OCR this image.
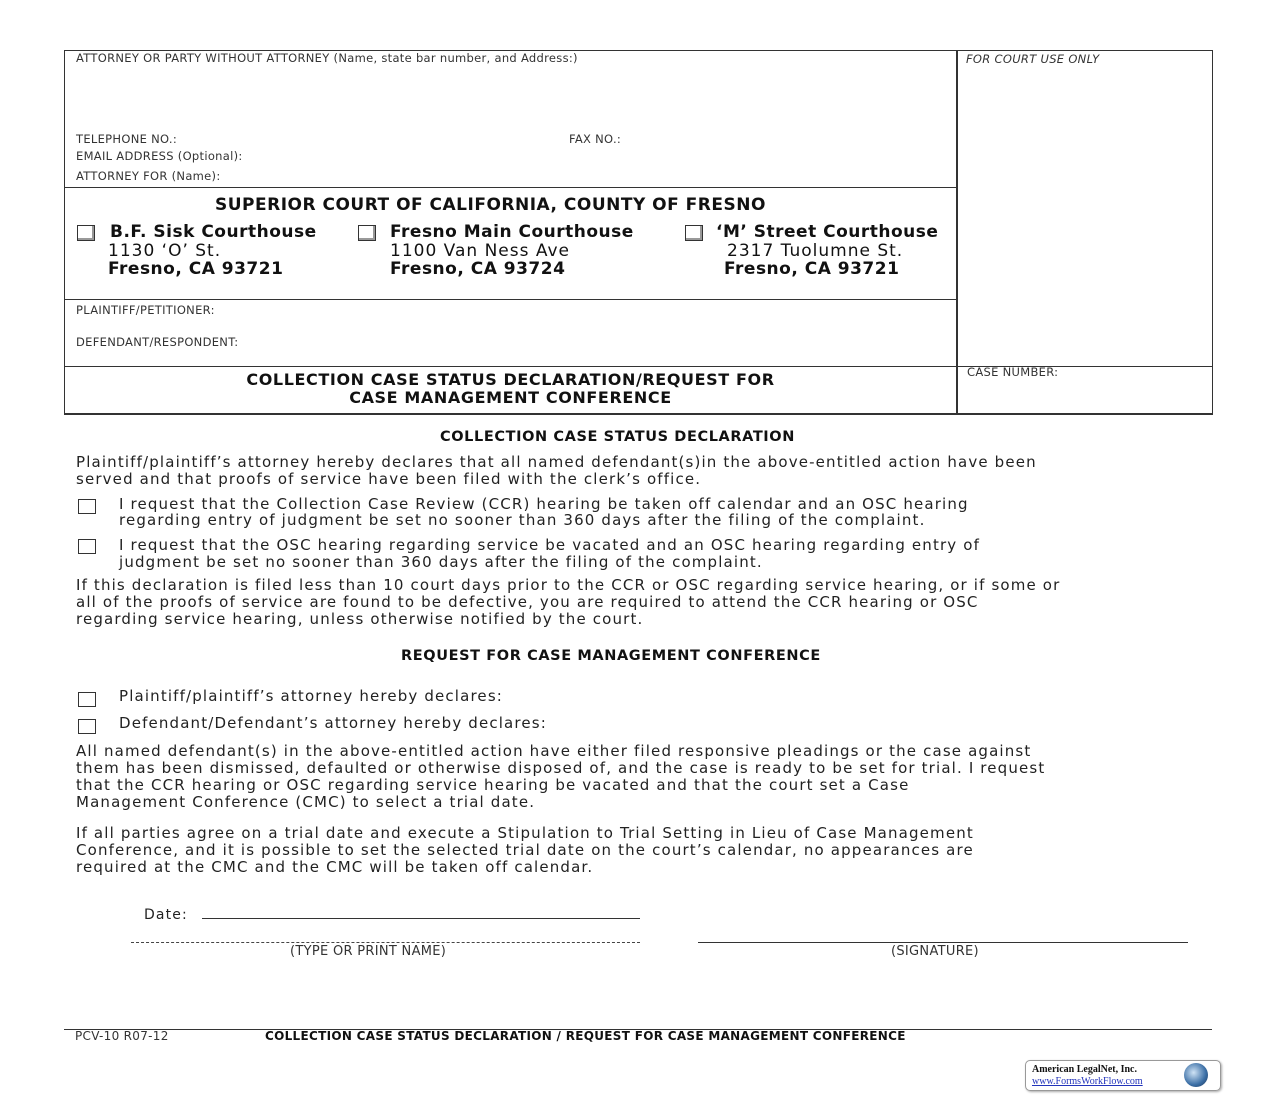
ATTORNEY OR PARTY WITHOUT ATTORNEY (Name, state bar number, and Address:)
TELEPHONE NO.:	FAX NO.:
EMAIL ADDRESS (Optional):
ATTORNEY FOR (Name):
FOR COURT USE ONLY
SUPERIOR COURT OF CALIFORNIA, COUNTY OF FRESNO
B.F. Sisk Courthouse
1130 ‘O’ St.
Fresno, CA 93721
Fresno Main Courthouse
1100 Van Ness Ave
Fresno, CA 93724
‘M’ Street Courthouse
2317 Tuolumne St.
Fresno, CA 93721
PLAINTIFF/PETITIONER:
DEFENDANT/RESPONDENT:
COLLECTION CASE STATUS DECLARATION/REQUEST FOR
CASE MANAGEMENT CONFERENCE
CASE NUMBER:
COLLECTION CASE STATUS DECLARATION
Plaintiff/plaintiff’s attorney hereby declares that all named defendant(s)in the above-entitled action have been
served and that proofs of service have been filed with the clerk’s office.
I request that the Collection Case Review (CCR) hearing be taken off calendar and an OSC hearing
regarding entry of judgment be set no sooner than 360 days after the filing of the complaint.
I request that the OSC hearing regarding service be vacated and an OSC hearing regarding entry of
judgment be set no sooner than 360 days after the filing of the complaint.
If this declaration is filed less than 10 court days prior to the CCR or OSC regarding service hearing, or if some or
all of the proofs of service are found to be defective, you are required to attend the CCR hearing or OSC
regarding service hearing, unless otherwise notified by the court.
REQUEST FOR CASE MANAGEMENT CONFERENCE
Plaintiff/plaintiff’s attorney hereby declares:
Defendant/Defendant’s attorney hereby declares:
All named defendant(s) in the above-entitled action have either filed responsive pleadings or the case against
them has been dismissed, defaulted or otherwise disposed of, and the case is ready to be set for trial. I request
that the CCR hearing or OSC regarding service hearing be vacated and that the court set a Case
Management Conference (CMC) to select a trial date.
If all parties agree on a trial date and execute a Stipulation to Trial Setting in Lieu of Case Management
Conference, and it is possible to set the selected trial date on the court’s calendar, no appearances are
required at the CMC and the CMC will be taken off calendar.
Date:
(TYPE OR PRINT NAME)	(SIGNATURE)
PCV-10 R07-12	COLLECTION CASE STATUS DECLARATION / REQUEST FOR CASE MANAGEMENT CONFERENCE
American LegalNet, Inc.
www.FormsWorkFlow.com
